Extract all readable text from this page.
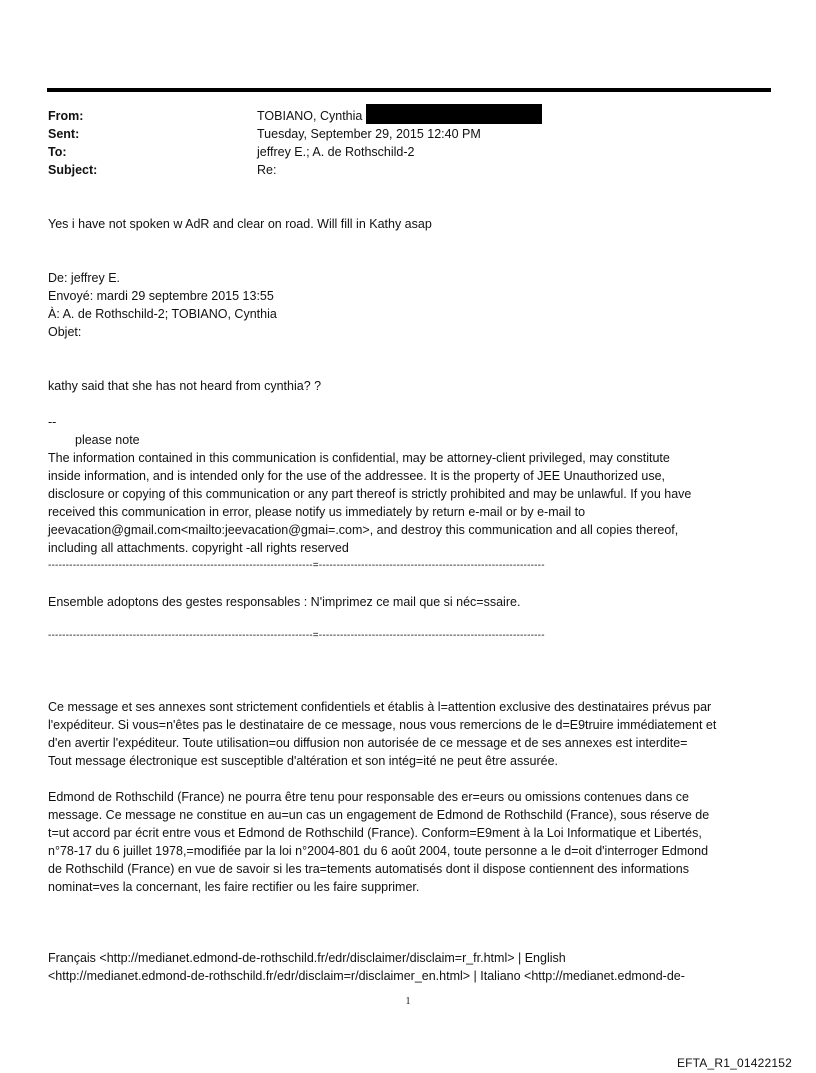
From:	TOBIANO, Cynthia
Sent:	Tuesday, September 29, 2015 12:40 PM
To:	jeffrey E.; A. de Rothschild-2
Subject:	Re:
Yes i have not spoken w AdR and clear on road. Will fill in Kathy asap
De: jeffrey E.
Envoyé: mardi 29 septembre 2015 13:55
À: A. de Rothschild-2; TOBIANO, Cynthia
Objet:
kathy said that she has not heard from cynthia? ?
--
please note
The information contained in this communication is confidential, may be attorney-client privileged, may constitute
inside information, and is intended only for the use of the addressee. It is the property of JEE Unauthorized use,
disclosure or copying of this communication or any part thereof is strictly prohibited and may be unlawful. If you have
received this communication in error, please notify us immediately by return e-mail or by e-mail to
jeevacation@gmail.com<mailto:jeevacation@gmai=.com>, and destroy this communication and all copies thereof,
including all attachments. copyright -all rights reserved
---------------------------------------------------------------------------=----------------------------------------------------------------
Ensemble adoptons des gestes responsables : N'imprimez ce mail que si néc=ssaire.
---------------------------------------------------------------------------=----------------------------------------------------------------
Ce message et ses annexes sont strictement confidentiels et établis à l=attention exclusive des destinataires prévus par
l'expéditeur. Si vous=n'êtes pas le destinataire de ce message, nous vous remercions de le d=E9truire immédiatement et
d'en avertir l'expéditeur. Toute utilisation=ou diffusion non autorisée de ce message et de ses annexes est interdite=
Tout message électronique est susceptible d'altération et son intég=ité ne peut être assurée.
Edmond de Rothschild (France) ne pourra être tenu pour responsable des er=eurs ou omissions contenues dans ce
message. Ce message ne constitue en au=un cas un engagement de Edmond de Rothschild (France), sous réserve de
t=ut accord par écrit entre vous et Edmond de Rothschild (France). Conform=E9ment à la Loi Informatique et Libertés,
n°78-17 du 6 juillet 1978,=modifiée par la loi n°2004-801 du 6 août 2004, toute personne a le d=oit d'interroger Edmond
de Rothschild (France) en vue de savoir si les tra=tements automatisés dont il dispose contiennent des informations
nominat=ves la concernant, les faire rectifier ou les faire supprimer.
Français <http://medianet.edmond-de-rothschild.fr/edr/disclaimer/disclaim=r_fr.html> | English
<http://medianet.edmond-de-rothschild.fr/edr/disclaim=r/disclaimer_en.html> | Italiano <http://medianet.edmond-de-
1
EFTA_R1_01422152
